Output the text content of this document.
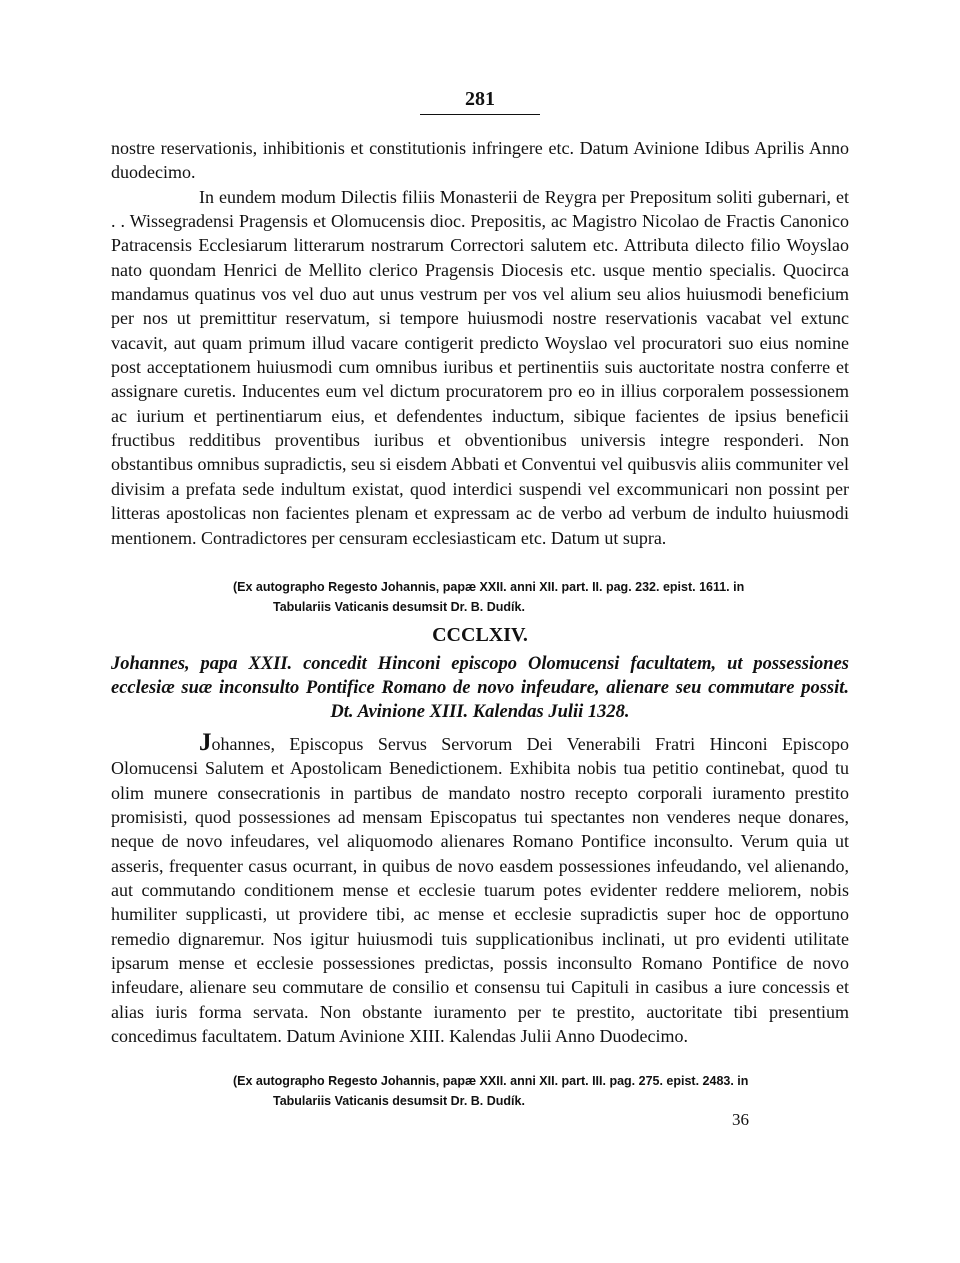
281

nostre reservationis, inhibitionis et constitutionis infringere etc. Datum Avinione Idibus Aprilis Anno duodecimo.

In eundem modum Dilectis filiis Monasterii de Reygra per Prepositum soliti gubernari, et . . Wissegradensi Pragensis et Olomucensis dioc. Prepositis, ac Magistro Nicolao de Fractis Canonico Patracensis Ecclesiarum litterarum nostrarum Correctori salutem etc. Attributa dilecto filio Woyslao nato quondam Henrici de Mellito clerico Pragensis Diocesis etc. usque mentio specialis. Quocirca mandamus quatinus vos vel duo aut unus vestrum per vos vel alium seu alios huiusmodi beneficium per nos ut premittitur reservatum, si tempore huiusmodi nostre reservationis vacabat vel extunc vacavit, aut quam primum illud vacare contigerit predicto Woyslao vel procuratori suo eius nomine post acceptationem huiusmodi cum omnibus iuribus et pertinentiis suis auctoritate nostra conferre et assignare curetis. Inducentes eum vel dictum procuratorem pro eo in illius corporalem possessionem ac iurium et pertinentiarum eius, et defendentes inductum, sibique facientes de ipsius beneficii fructibus redditibus proventibus iuribus et obventionibus universis integre responderi. Non obstantibus omnibus supradictis, seu si eisdem Abbati et Conventui vel quibusvis aliis communiter vel divisim a prefata sede indultum existat, quod interdici suspendi vel excommunicari non possint per litteras apostolicas non facientes plenam et expressam ac de verbo ad verbum de indulto huiusmodi mentionem. Contradictores per censuram ecclesiasticam etc. Datum ut supra.

(Ex autographo Regesto Johannis, papæ XXII. anni XII. part. II. pag. 232. epist. 1611. in
Tabulariis Vaticanis desumsit Dr. B. Dudík.
CCCLXIV.
Johannes, papa XXII. concedit Hinconi episcopo Olomucensi facultatem, ut possessiones ecclesiæ suæ inconsulto Pontifice Romano de novo infeudare, alienare seu commutare possit. Dt. Avinione XIII. Kalendas Julii 1328.

Johannes, Episcopus Servus Servorum Dei Venerabili Fratri Hinconi Episcopo Olomucensi Salutem et Apostolicam Benedictionem. Exhibita nobis tua petitio continebat, quod tu olim munere consecrationis in partibus de mandato nostro recepto corporali iuramento prestito promisisti, quod possessiones ad mensam Episcopatus tui spectantes non venderes neque donares, neque de novo infeudares, vel aliquomodo alienares Romano Pontifice inconsulto. Verum quia ut asseris, frequenter casus ocurrant, in quibus de novo easdem possessiones infeudando, vel alienando, aut commutando conditionem mense et ecclesie tuarum potes evidenter reddere meliorem, nobis humiliter supplicasti, ut providere tibi, ac mense et ecclesie supradictis super hoc de opportuno remedio dignaremur. Nos igitur huiusmodi tuis supplicationibus inclinati, ut pro evidenti utilitate ipsarum mense et ecclesie possessiones predictas, possis inconsulto Romano Pontifice de novo infeudare, alienare seu commutare de consilio et consensu tui Capituli in casibus a iure concessis et alias iuris forma servata. Non obstante iuramento per te prestito, auctoritate tibi presentium concedimus facultatem. Datum Avinione XIII. Kalendas Julii Anno Duodecimo.

(Ex autographo Regesto Johannis, papæ XXII. anni XII. part. III. pag. 275. epist. 2483. in
Tabulariis Vaticanis desumsit Dr. B. Dudík.
36
